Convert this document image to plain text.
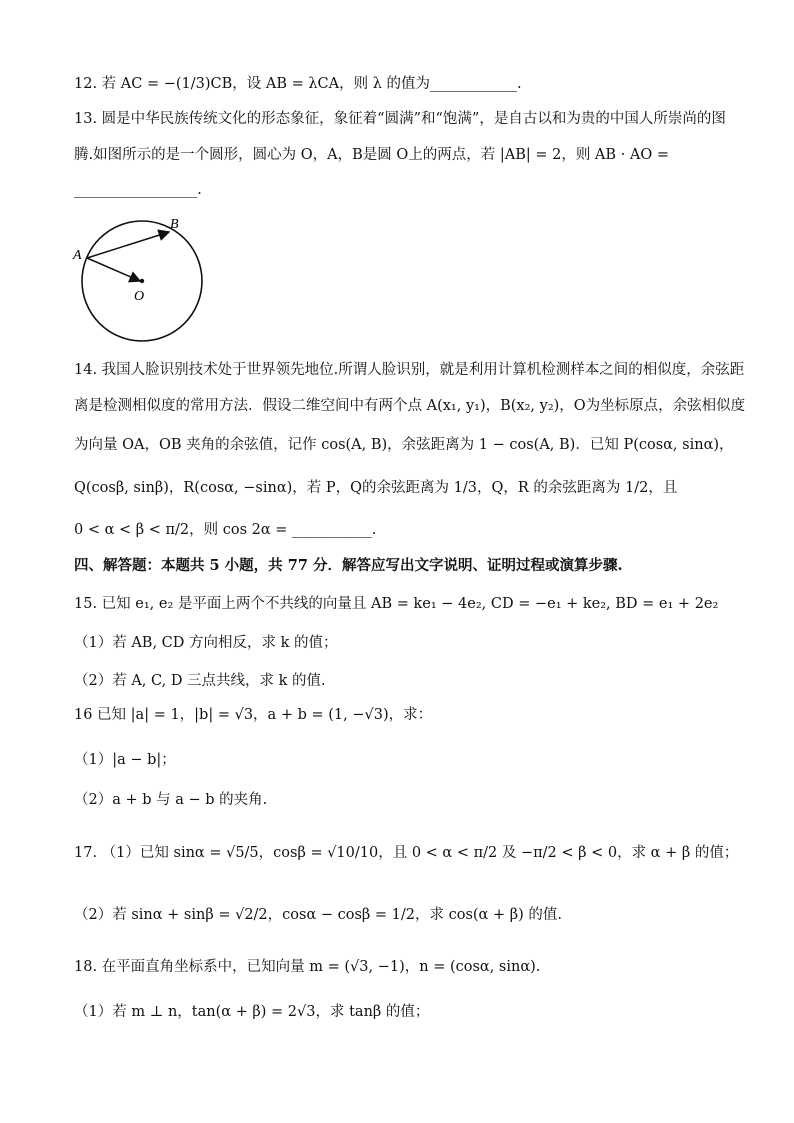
12. 若 AC = −(1/3)CB，设 AB = λCA，则 λ 的值为____________.
13. 圆是中华民族传统文化的形态象征，象征着“圆满”和“饱满”，是自古以和为贵的中国人所崇尚的图
腾.如图所示的是一个圆形，圆心为 O，A，B是圆 O上的两点，若 |AB| = 2，则 AB · AO =
_________________.
A
B
O
14. 我国人脸识别技术处于世界领先地位.所谓人脸识别，就是利用计算机检测样本之间的相似度，余弦距
离是检测相似度的常用方法．假设二维空间中有两个点 A(x₁, y₁)，B(x₂, y₂)，O为坐标原点，余弦相似度
为向量 OA，OB 夹角的余弦值，记作 cos(A, B)，余弦距离为 1 − cos(A, B)．已知 P(cosα, sinα)，
Q(cosβ, sinβ)，R(cosα, −sinα)，若 P，Q的余弦距离为 1/3，Q，R 的余弦距离为 1/2，且
0 < α < β < π/2，则 cos 2α = ___________.
四、解答题：本题共 5 小题，共 77 分．解答应写出文字说明、证明过程或演算步骤.
15. 已知 e₁, e₂ 是平面上两个不共线的向量且 AB = ke₁ − 4e₂, CD = −e₁ + ke₂, BD = e₁ + 2e₂
（1）若 AB, CD 方向相反，求 k 的值；
（2）若 A, C, D 三点共线，求 k 的值.
16 已知 |a| = 1，|b| = √3，a + b = (1, −√3)，求：
（1）|a − b|；
（2）a + b 与 a − b 的夹角.
17. （1）已知 sinα = √5/5，cosβ = √10/10，且 0 < α < π/2 及 −π/2 < β < 0，求 α + β 的值；
（2）若 sinα + sinβ = √2/2，cosα − cosβ = 1/2，求 cos(α + β) 的值.
18. 在平面直角坐标系中，已知向量 m = (√3, −1)，n = (cosα, sinα).
（1）若 m ⊥ n，tan(α + β) = 2√3，求 tanβ 的值；
